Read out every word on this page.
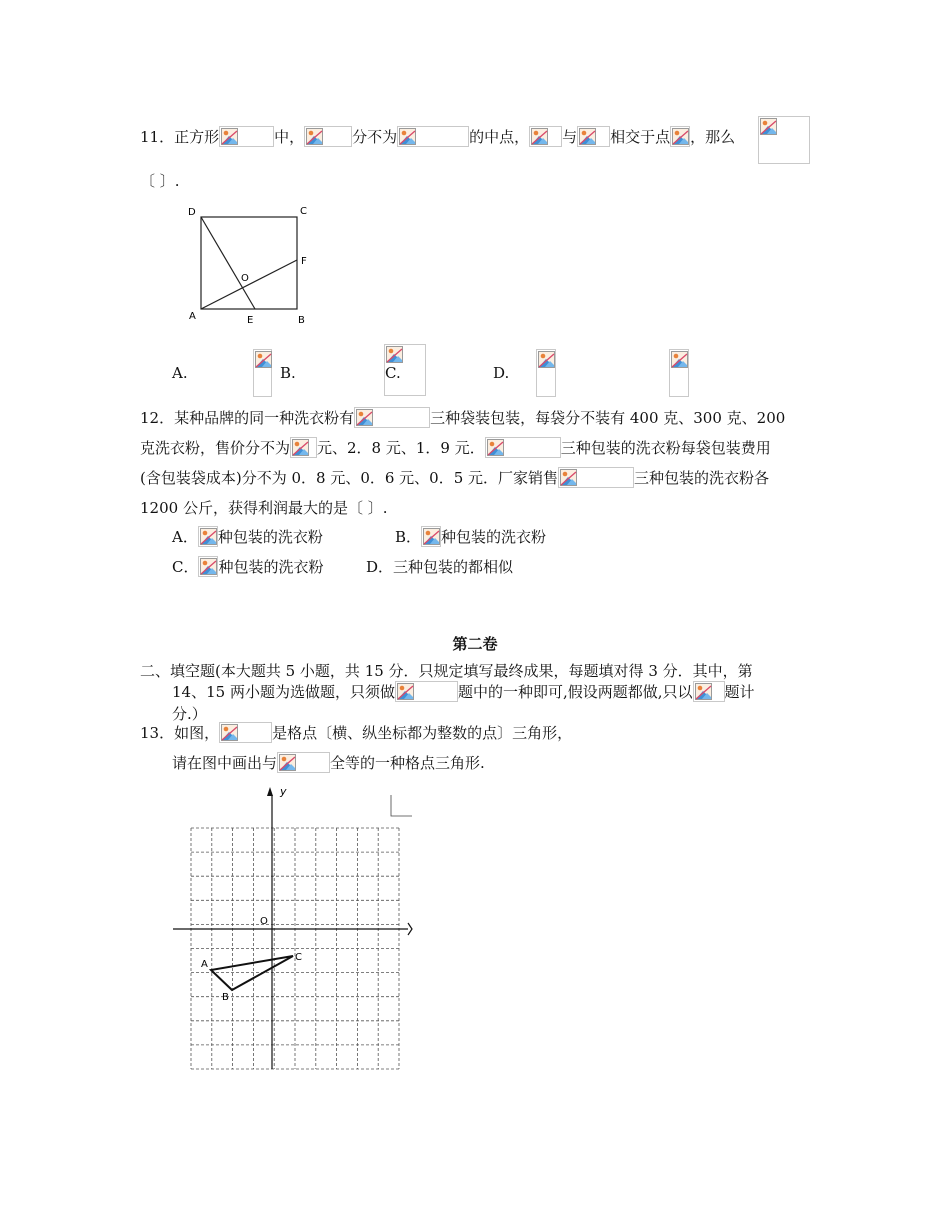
11．正方形	中，	分不为	的中点， 与 相交于点 ，那么

〔 〕.
D	C
O
F
A	E	B
A.
	B.
	C.
	D.
12．某种品牌的同一种洗衣粉有	三种袋装包装，每袋分不装有 400 克、300 克、200
克洗衣粉，售价分不为 元、2．8 元、1．9 元．	三种包装的洗衣粉每袋包装费用
(含包装袋成本)分不为 0．8 元、0．6 元、0．5 元．厂家销售	三种包装的洗衣粉各
1200 公斤，获得利润最大的是〔 〕.
A． 种包装的洗衣粉	B． 种包装的洗衣粉
C． 种包装的洗衣粉	D．三种包装的都相似
第二卷
二、填空题(本大题共 5 小题，共 15 分．只规定填写最终成果，每题填对得 3 分．其中，第
14、15 两小题为选做题，只须做	题中的一种即可,假设两题都做,只以 题计
分.）
13．如图，	是格点〔横、纵坐标都为整数的点〕三角形，
请在图中画出与	全等的一种格点三角形.
y
O
A
B
C
